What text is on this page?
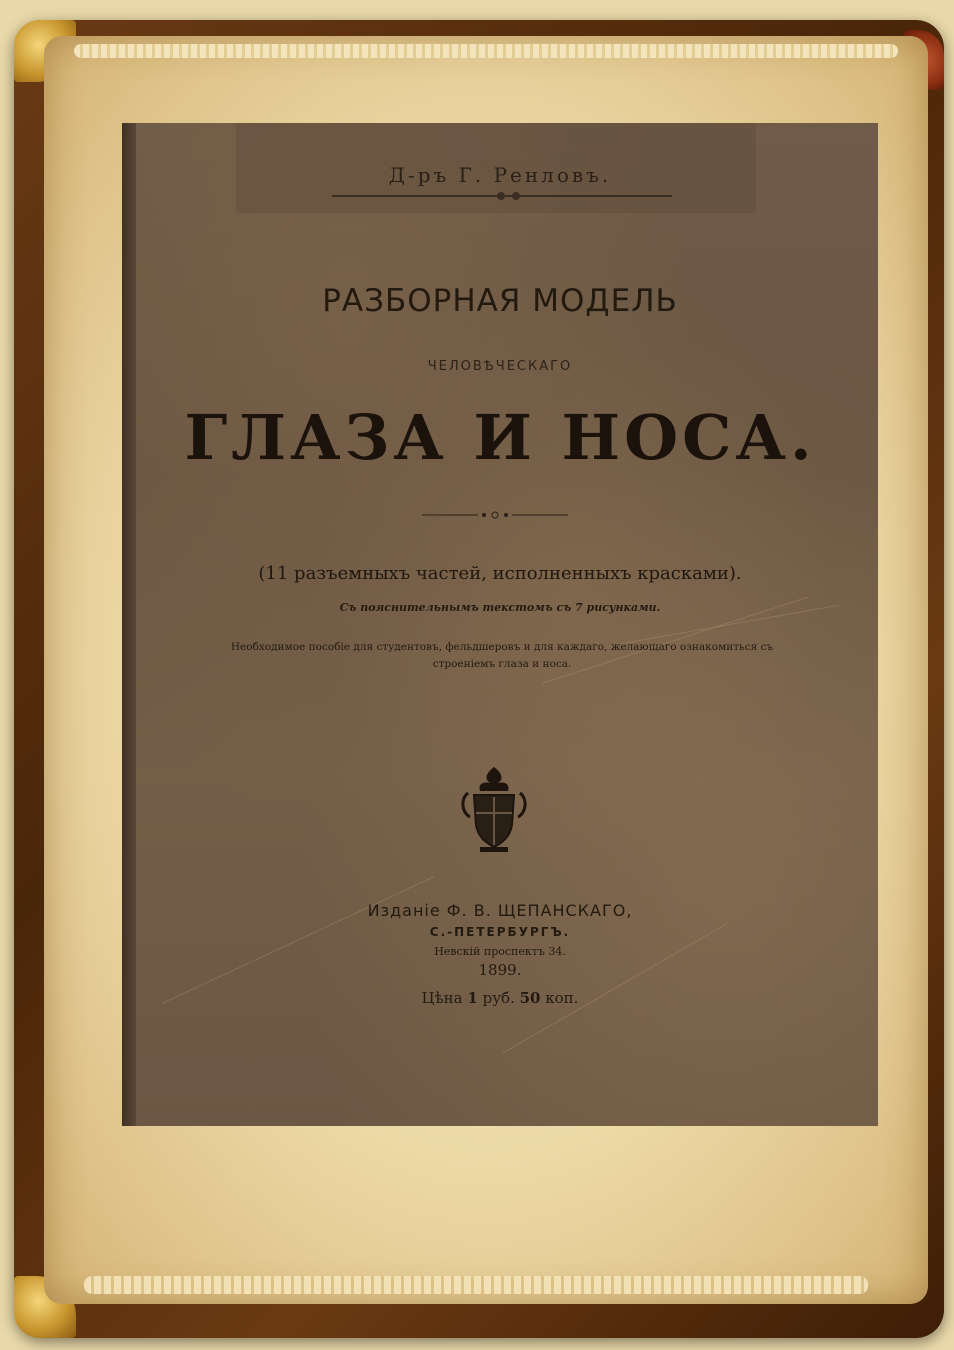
Д-ръ Г. Ренловъ.
РАЗБОРНАЯ МОДЕЛЬ
ЧЕЛОВѢЧЕСКАГО
ГЛАЗА И НОСА.
(11 разъемныхъ частей, исполненныхъ красками).
Съ пояснительнымъ текстомъ съ 7 рисунками.
Необходимое пособіе для студентовъ, фельдшеровъ и для каждаго, желающаго ознакомиться съ строеніемъ глаза и носа.
Изданіе Ф. В. ЩЕПАНСКАГО,
С.-ПЕТЕРБУРГЪ.
Невскій проспектъ 34.
1899.
Цѣна 1 руб. 50 коп.
